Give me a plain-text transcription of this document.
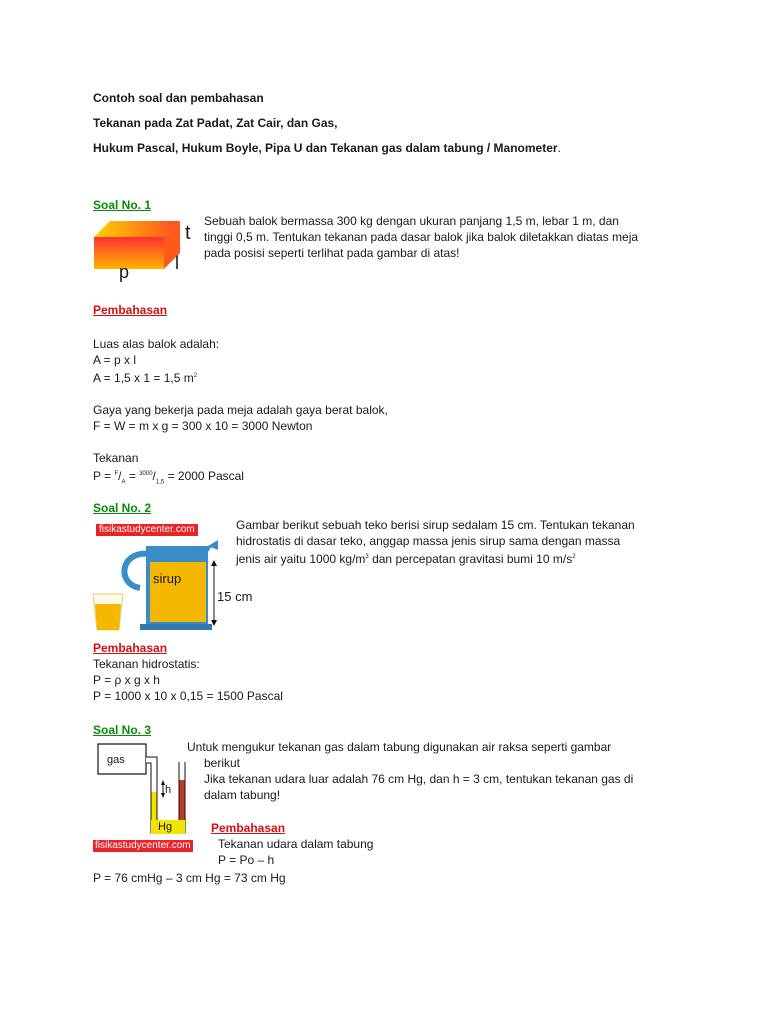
Contoh soal dan pembahasan
Tekanan pada Zat Padat, Zat Cair, dan Gas,
Hukum Pascal, Hukum Boyle, Pipa U dan Tekanan gas dalam tabung / Manometer.
Soal No. 1
t
l
p
Sebuah balok bermassa 300 kg dengan ukuran panjang 1,5 m, lebar 1 m, dan
tinggi 0,5 m. Tentukan tekanan pada dasar balok jika balok diletakkan diatas meja
pada posisi seperti terlihat pada gambar di atas!
Pembahasan
Luas alas balok adalah:
A = p x l
A = 1,5 x 1 = 1,5 $m^2$
Gaya yang bekerja pada meja adalah gaya berat balok,
F = W = m x g = 300 x 10 = 3000 Newton
Tekanan
$P = ^F/_A = ^{3000}/_{1,5} = 2000$ Pascal
Soal No. 2
fisikastudycenter.com
sirup
15 cm
Gambar berikut sebuah teko berisi sirup sedalam 15 cm. Tentukan tekanan
hidrostatis di dasar teko, anggap massa jenis sirup sama dengan massa
jenis air yaitu 1000 $kg/m^3$ dan percepatan gravitasi bumi 10 $m/s^2$
Pembahasan
Tekanan hidrostatis:
P = ρ x g x h
P = 1000 x 10 x 0,15 = 1500 Pascal
Soal No. 3
gas
h
Hg
fisikastudycenter.com
Untuk mengukur tekanan gas dalam tabung digunakan air raksa seperti gambar
berikut
Jika tekanan udara luar adalah 76 cm Hg, dan h = 3 cm, tentukan tekanan gas di
dalam tabung!
Pembahasan
Tekanan udara dalam tabung
P = Po – h
P = 76 cmHg – 3 cm Hg = 73 cm Hg
